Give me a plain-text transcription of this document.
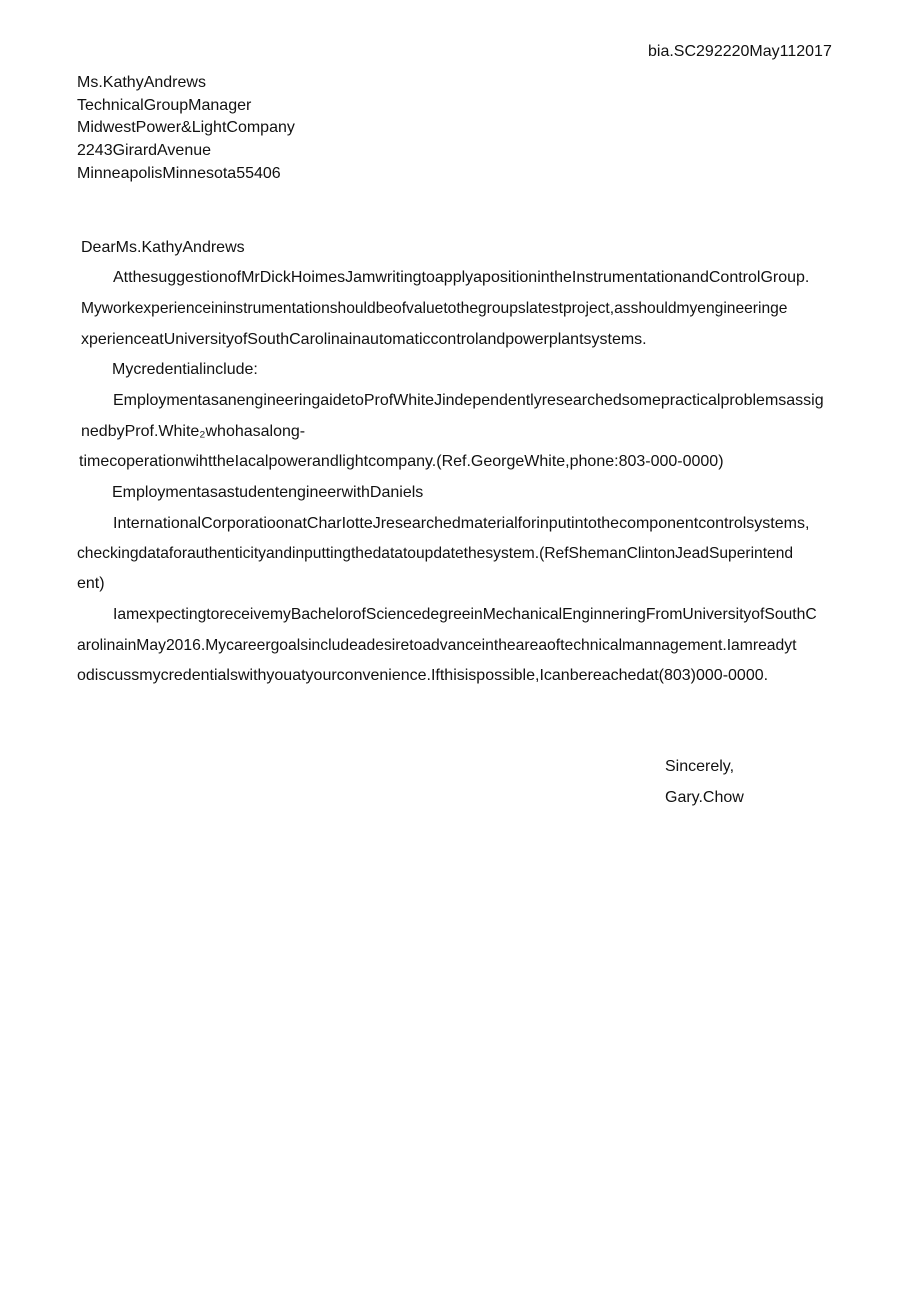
bia.SC292220May112017
Ms.KathyAndrews
TechnicalGroupManager
MidwestPower&LightCompany
2243GirardAvenue
MinneapolisMinnesota55406
DearMs.KathyAndrews
AtthesuggestionofMrDickHoimesJamwritingtoapplyapositionintheInstrumentationandControlGroup.
Myworkexperienceininstrumentationshouldbeofvaluetothegroupslatestproject,asshouldmyengineeringe
xperienceatUniversityofSouthCarolinainautomaticcontrolandpowerplantsystems.
Mycredentialinclude:
EmploymentasanengineeringaidetoProfWhiteJindependentlyresearchedsomepracticalproblemsassig
nedbyProf.White₂whohasalong-
timecoperationwihttheIacalpowerandlightcompany.(Ref.GeorgeWhite,phone:803-000-0000)
EmploymentasastudentengineerwithDaniels
InternationalCorporatioonatCharIotteJresearchedmaterialforinputintothecomponentcontrolsystems,
checkingdataforauthenticityandinputtingthedatatoupdatethesystem.(RefShemanClintonJeadSuperintend
ent)
IamexpectingtoreceivemyBachelorofSciencedegreeinMechanicalEnginneringFromUniversityofSouthC
arolinainMay2016.Mycareergoalsincludeadesiretoadvanceintheareaoftechnicalmannagement.Iamreadyt
odiscussmycredentialswithyouatyourconvenience.Ifthisispossible,Icanbereachedat(803)000-0000.
Sincerely,
Gary.Chow
